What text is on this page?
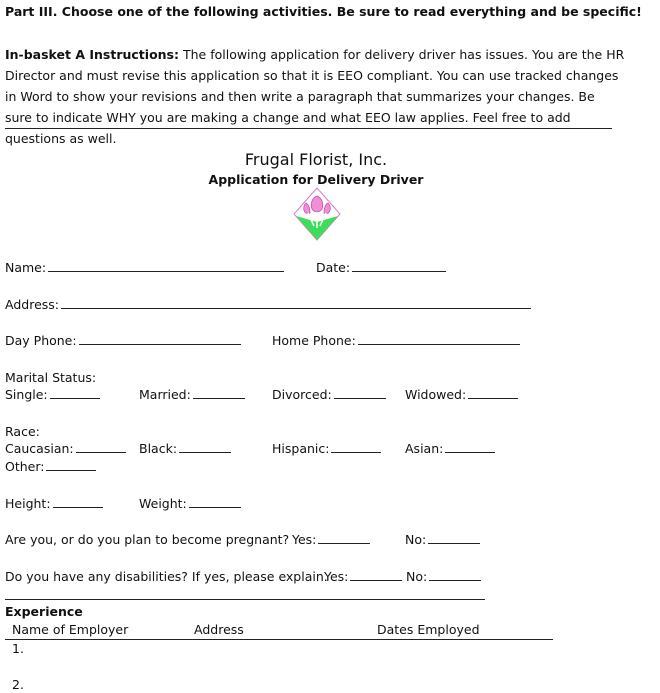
Part III. Choose one of the following activities. Be sure to read everything and be specific!
In-basket A Instructions: The following application for delivery driver has issues. You are the HR Director and must revise this application so that it is EEO compliant. You can use tracked changes in Word to show your revisions and then write a paragraph that summarizes your changes. Be sure to indicate WHY you are making a change and what EEO law applies. Feel free to add questions as well.
Frugal Florist, Inc.
Application for Delivery Driver
Name:	Date:
Address:
Day Phone:	Home Phone:
Marital Status:
Single:	Married:	Divorced:	Widowed:
Race:
Caucasian:	Black:	Hispanic:	Asian:
Other:
Height:	Weight:
Are you, or do you plan to become pregnant? Yes:	No:
Do you have any disabilities? If yes, please explain.
Yes:	No:
Experience
Name of Employer	Address	Dates Employed
1.
2.
